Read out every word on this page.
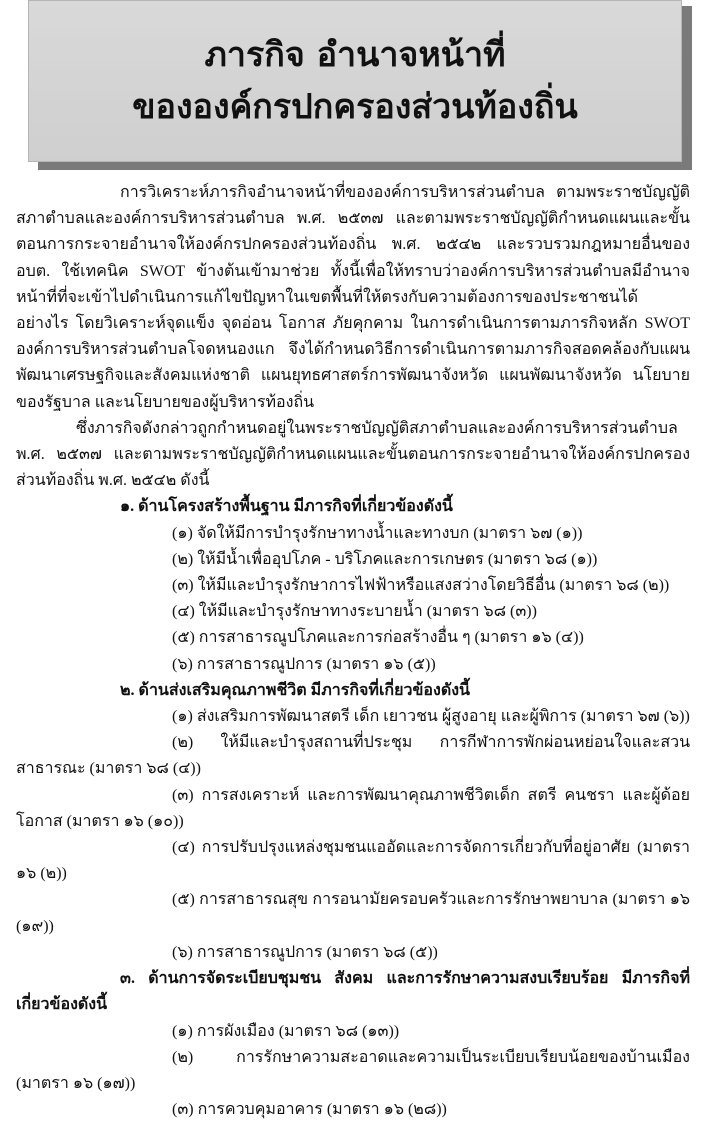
ภารกิจ อำนาจหน้าที่
ขององค์กรปกครองส่วนท้องถิ่น

การวิเคราะห์ภารกิจอำนาจหน้าที่ขององค์การบริหารส่วนตำบล ตามพระราชบัญญัติสภาตำบลและองค์การบริหารส่วนตำบล พ.ศ. ๒๕๓๗ และตามพระราชบัญญัติกำหนดแผนและขั้นตอนการกระจายอำนาจให้องค์กรปกครองส่วนท้องถิ่น พ.ศ. ๒๕๔๒ และรวบรวมกฎหมายอื่นของ อบต. ใช้เทคนิค SWOT ข้างต้นเข้ามาช่วย ทั้งนี้เพื่อให้ทราบว่าองค์การบริหารส่วนตำบลมีอำนาจหน้าที่ที่จะเข้าไปดำเนินการแก้ไขปัญหาในเขตพื้นที่ให้ตรงกับความต้องการของประชาชนได้อย่างไร โดยวิเคราะห์จุดแข็ง จุดอ่อน โอกาส ภัยคุกคาม ในการดำเนินการตามภารกิจหลัก SWOT องค์การบริหารส่วนตำบลโจดหนองแก จึงได้กำหนดวิธีการดำเนินการตามภารกิจสอดคล้องกับแผนพัฒนาเศรษฐกิจและสังคมแห่งชาติ แผนยุทธศาสตร์การพัฒนาจังหวัด แผนพัฒนาจังหวัด นโยบายของรัฐบาล และนโยบายของผู้บริหารท้องถิ่น

ซึ่งภารกิจดังกล่าวถูกกำหนดอยู่ในพระราชบัญญัติสภาตำบลและองค์การบริหารส่วนตำบล พ.ศ. ๒๕๓๗ และตามพระราชบัญญัติกำหนดแผนและขั้นตอนการกระจายอำนาจให้องค์กรปกครองส่วนท้องถิ่น พ.ศ. ๒๕๔๒ ดังนี้

๑. ด้านโครงสร้างพื้นฐาน มีภารกิจที่เกี่ยวข้องดังนี้

(๑) จัดให้มีการบำรุงรักษาทางน้ำและทางบก (มาตรา ๖๗ (๑))

(๒) ให้มีน้ำเพื่ออุปโภค - บริโภคและการเกษตร (มาตรา ๖๘ (๑))

(๓) ให้มีและบำรุงรักษาการไฟฟ้าหรือแสงสว่างโดยวิธีอื่น (มาตรา ๖๘ (๒))

(๔) ให้มีและบำรุงรักษาทางระบายน้ำ (มาตรา ๖๘ (๓))

(๕) การสาธารณูปโภคและการก่อสร้างอื่น ๆ (มาตรา ๑๖ (๔))

(๖) การสาธารณูปการ (มาตรา ๑๖ (๕))

๒. ด้านส่งเสริมคุณภาพชีวิต มีภารกิจที่เกี่ยวข้องดังนี้

(๑) ส่งเสริมการพัฒนาสตรี เด็ก เยาวชน ผู้สูงอายุ และผู้พิการ (มาตรา ๖๗ (๖))

(๒) ให้มีและบำรุงสถานที่ประชุม การกีฬาการพักผ่อนหย่อนใจและสวนสาธารณะ (มาตรา ๖๘ (๔))

(๓) การสงเคราะห์ และการพัฒนาคุณภาพชีวิตเด็ก สตรี คนชรา และผู้ด้อยโอกาส (มาตรา ๑๖ (๑๐))

(๔) การปรับปรุงแหล่งชุมชนแออัดและการจัดการเกี่ยวกับที่อยู่อาศัย (มาตรา ๑๖ (๒))

(๕) การสาธารณสุข การอนามัยครอบครัวและการรักษาพยาบาล (มาตรา ๑๖ (๑๙))

(๖) การสาธารณูปการ (มาตรา ๖๘ (๕))

๓. ด้านการจัดระเบียบชุมชน สังคม และการรักษาความสงบเรียบร้อย มีภารกิจที่เกี่ยวข้องดังนี้

(๑) การผังเมือง (มาตรา ๖๘ (๑๓))

(๒) การรักษาความสะอาดและความเป็นระเบียบเรียบน้อยของบ้านเมือง (มาตรา ๑๖ (๑๗))

(๓) การควบคุมอาคาร (มาตรา ๑๖ (๒๘))
